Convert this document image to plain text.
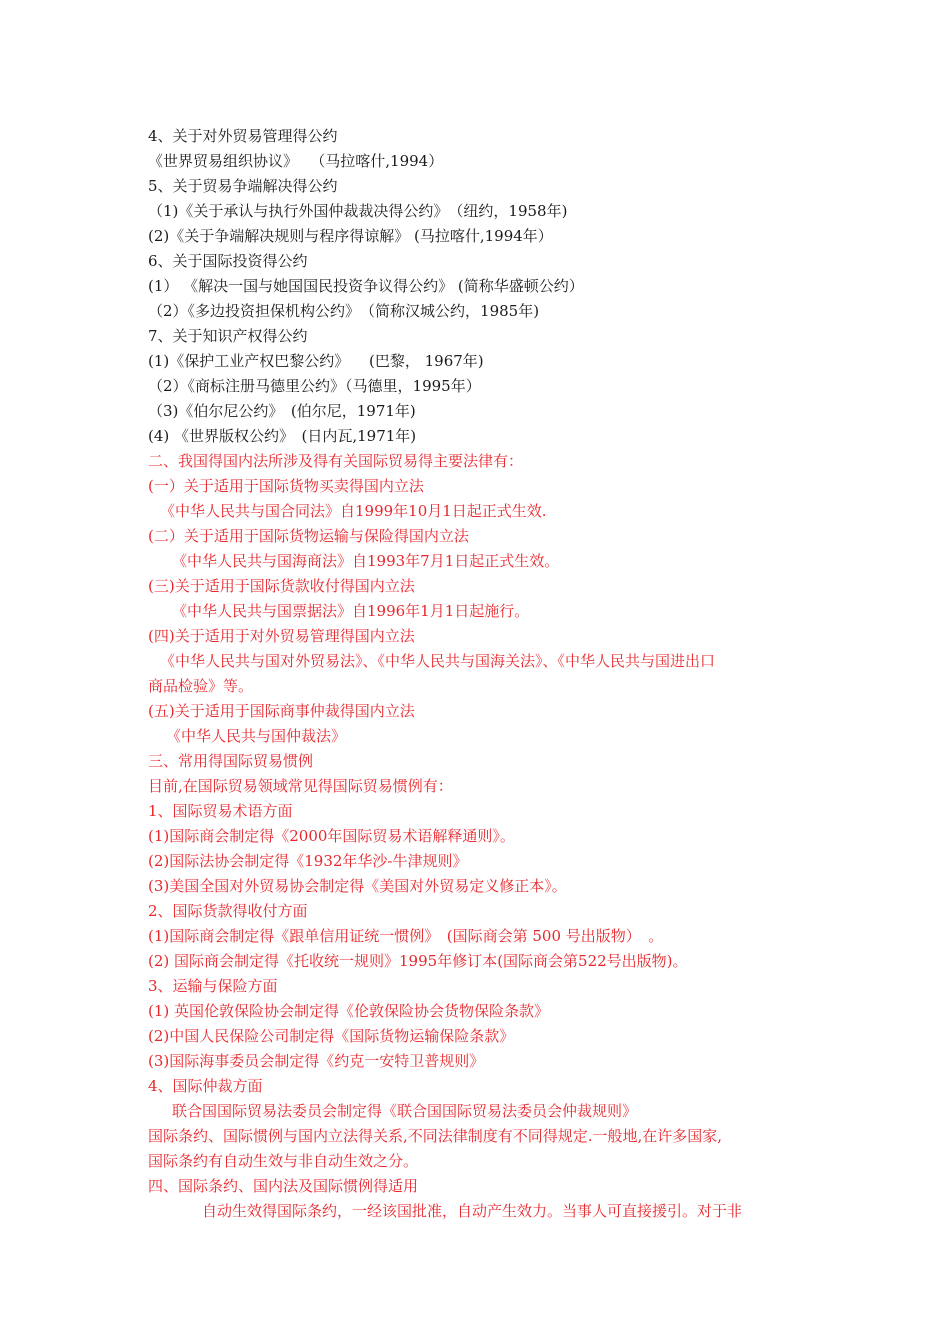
4、关于对外贸易管理得公约

《世界贸易组织协议》　 （马拉喀什,1994）

5、关于贸易争端解决得公约

（1)《关于承认与执行外国仲裁裁决得公约》　（纽约，1958年)

(2)《关于争端解决规则与程序得谅解》 (马拉喀什,1994年）

6、关于国际投资得公约

(1） 《解决一国与她国国民投资争议得公约》 (简称华盛顿公约）

（2）《多边投资担保机构公约》　（简称汉城公约，1985年)

7、关于知识产权得公约

(1)《保护工业产权巴黎公约》 　(巴黎， 1967年)

（2）《商标注册马德里公约》（马德里，1995年）

（3)《伯尔尼公约》　(伯尔尼，1971年)

(4) 《世界版权公约》　(日内瓦,1971年)

二、我国得国内法所涉及得有关国际贸易得主要法律有：

(一）关于适用于国际货物买卖得国内立法

《中华人民共与国合同法》自1999年10月1日起正式生效.

(二）关于适用于国际货物运输与保险得国内立法

《中华人民共与国海商法》自1993年7月1日起正式生效。

(三)关于适用于国际货款收付得国内立法

《中华人民共与国票据法》自1996年1月1日起施行。

(四)关于适用于对外贸易管理得国内立法

《中华人民共与国对外贸易法》、《中华人民共与国海关法》、《中华人民共与国进出口

商品检验》等。

(五)关于适用于国际商事仲裁得国内立法

《中华人民共与国仲裁法》

三、常用得国际贸易惯例

目前,在国际贸易领域常见得国际贸易惯例有：

1、国际贸易术语方面

(1)国际商会制定得《2000年国际贸易术语解释通则》。

(2)国际法协会制定得《1932年华沙-牛津规则》

(3)美国全国对外贸易协会制定得《美国对外贸易定义修正本》。

2、国际货款得收付方面

(1)国际商会制定得《跟单信用证统一惯例》　(国际商会第 500 号出版物）　。

(2) 国际商会制定得《托收统一规则》1995年修订本(国际商会第522号出版物)。

3、运输与保险方面

(1) 英国伦敦保险协会制定得《伦敦保险协会货物保险条款》

(2)中国人民保险公司制定得《国际货物运输保险条款》

(3)国际海事委员会制定得《约克一安特卫普规则》

4、国际仲裁方面

联合国国际贸易法委员会制定得《联合国国际贸易法委员会仲裁规则》

国际条约、国际惯例与国内立法得关系,不同法律制度有不同得规定.一般地,在许多国家,

国际条约有自动生效与非自动生效之分。

四、国际条约、国内法及国际惯例得适用

自动生效得国际条约，一经该国批准，自动产生效力。当事人可直接援引。对于非
